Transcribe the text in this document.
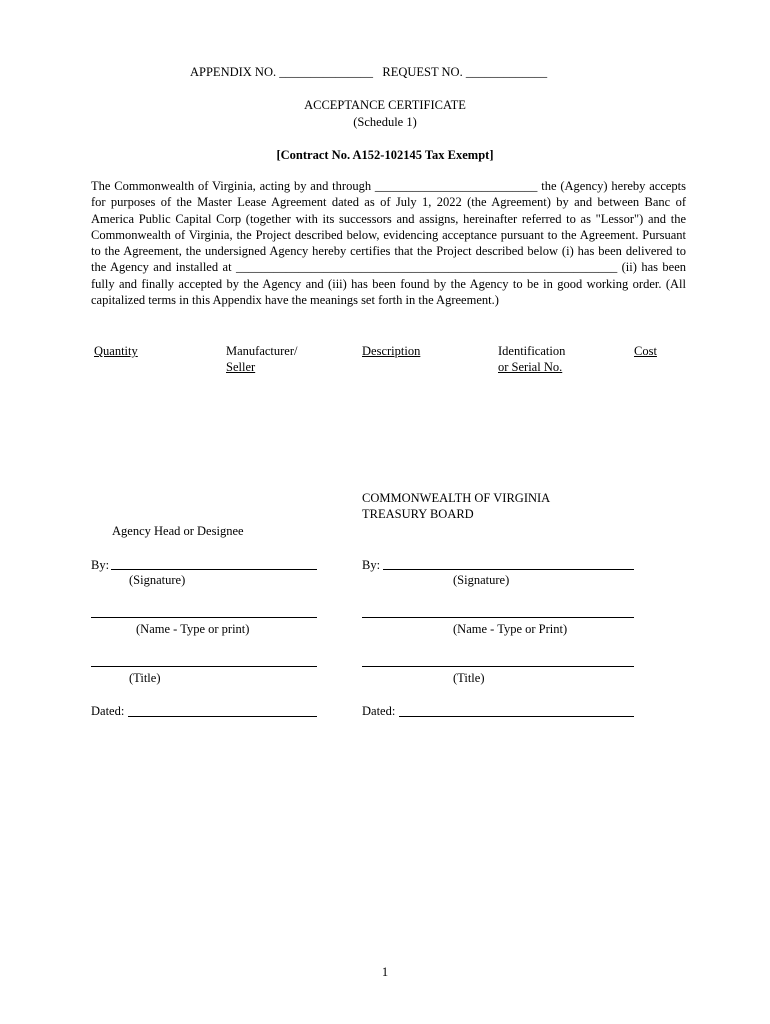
APPENDIX NO. _______________ REQUEST NO. _____________
ACCEPTANCE CERTIFICATE
(Schedule 1)
[Contract No. A152-102145 Tax Exempt]

The Commonwealth of Virginia, acting by and through __________________________ the (Agency) hereby accepts for purposes of the Master Lease Agreement dated as of July 1, 2022 (the Agreement) by and between Banc of America Public Capital Corp (together with its successors and assigns, hereinafter referred to as "Lessor") and the Commonwealth of Virginia, the Project described below, evidencing acceptance pursuant to the Agreement. Pursuant to the Agreement, the undersigned Agency hereby certifies that the Project described below (i) has been delivered to the Agency and installed at _____________________________________________________________ (ii) has been fully and finally accepted by the Agency and (iii) has been found by the Agency to be in good working order. (All capitalized terms in this Appendix have the meanings set forth in the Agreement.)

Quantity	Manufacturer/
Seller
Description	Identification
or Serial No.
Cost
COMMONWEALTH OF VIRGINIA
TREASURY BOARD
Agency Head or Designee
By:
(Signature)
(Name - Type or print)
(Title)
Dated:
By:
(Signature)
(Name - Type or Print)
(Title)
Dated:
1
